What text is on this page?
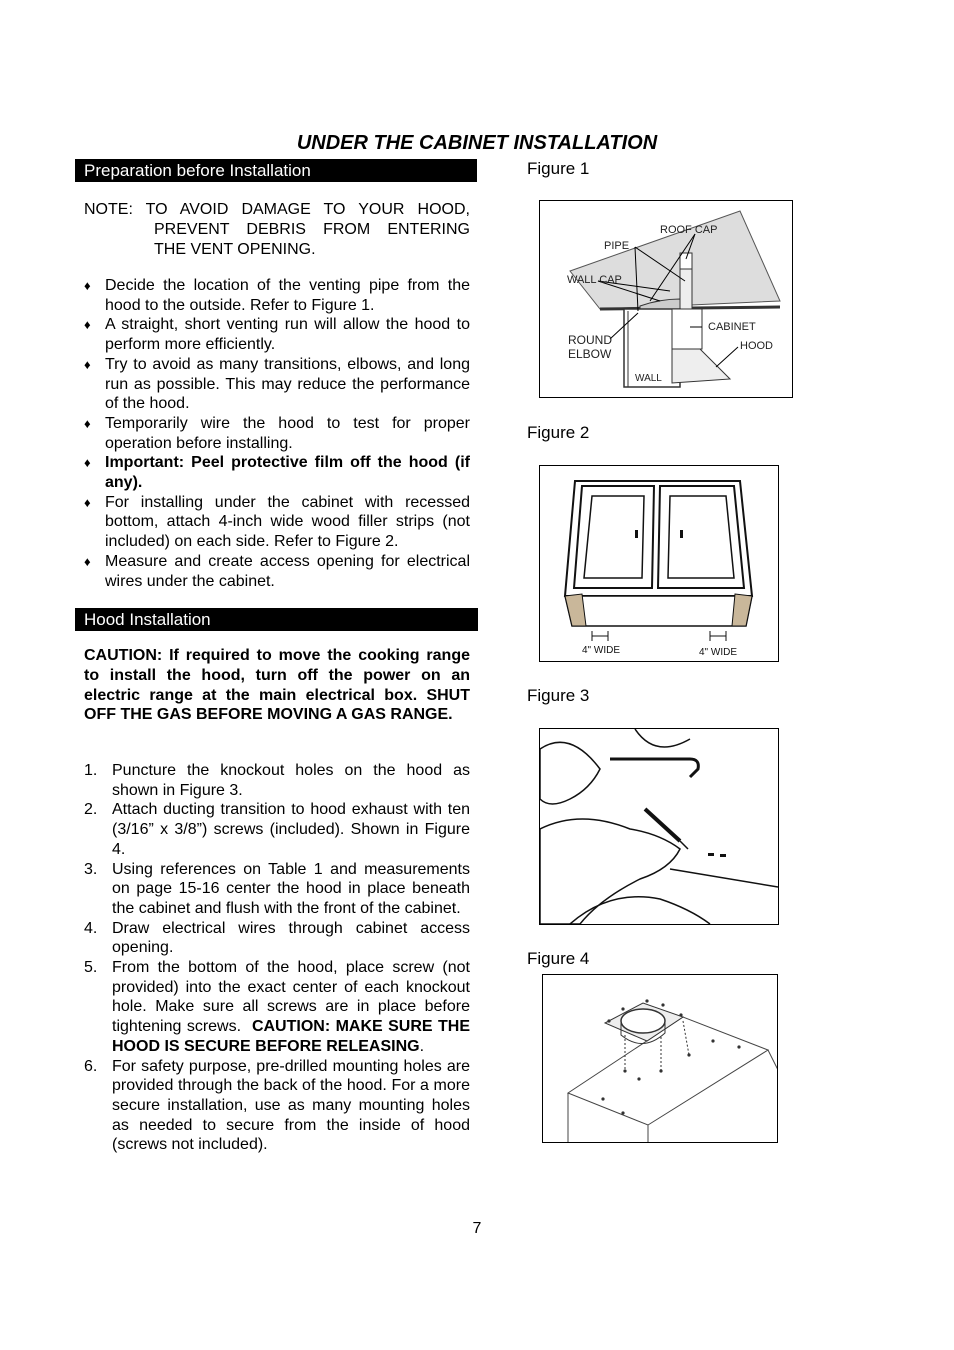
UNDER THE CABINET INSTALLATION
Preparation before Installation
NOTE: TO AVOID DAMAGE TO YOUR HOOD,
PREVENT DEBRIS FROM ENTERING
THE VENT OPENING.
♦ Decide the location of the venting pipe from the hood to the outside. Refer to Figure 1.
♦ A straight, short venting run will allow the hood to perform more efficiently.
♦ Try to avoid as many transitions, elbows, and long run as possible. This may reduce the performance of the hood.
♦ Temporarily wire the hood to test for proper operation before installing.
♦ Important: Peel protective film off the hood (if any).
♦ For installing under the cabinet with recessed bottom, attach 4-inch wide wood filler strips (not included) on each side. Refer to Figure 2.
♦ Measure and create access opening for electrical wires under the cabinet.
Hood Installation
CAUTION: If required to move the cooking range to install the hood, turn off the power on an electric range at the main electrical box. SHUT OFF THE GAS BEFORE MOVING A GAS RANGE.
1. Puncture the knockout holes on the hood as shown in Figure 3.
2. Attach ducting transition to hood exhaust with ten (3/16” x 3/8”) screws (included). Shown in Figure 4.
3. Using references on Table 1 and measurements on page 15-16 center the hood in place beneath the cabinet and flush with the front of the cabinet.
4. Draw electrical wires through cabinet access opening.
5. From the bottom of the hood, place screw (not provided) into the exact center of each knockout hole. Make sure all screws are in place before tightening screws. CAUTION: MAKE SURE THE HOOD IS SECURE BEFORE RELEASING.
6. For safety purpose, pre-drilled mounting holes are provided through the back of the hood. For a more secure installation, use as many mounting holes as needed to secure from the inside of hood (screws not included).
Figure 1
ROOF CAP
PIPE
WALL CAP
CABINET
ROUND
ELBOW
HOOD
WALL
Figure 2
4" WIDE	4" WIDE
Figure 3
Figure 4
7
